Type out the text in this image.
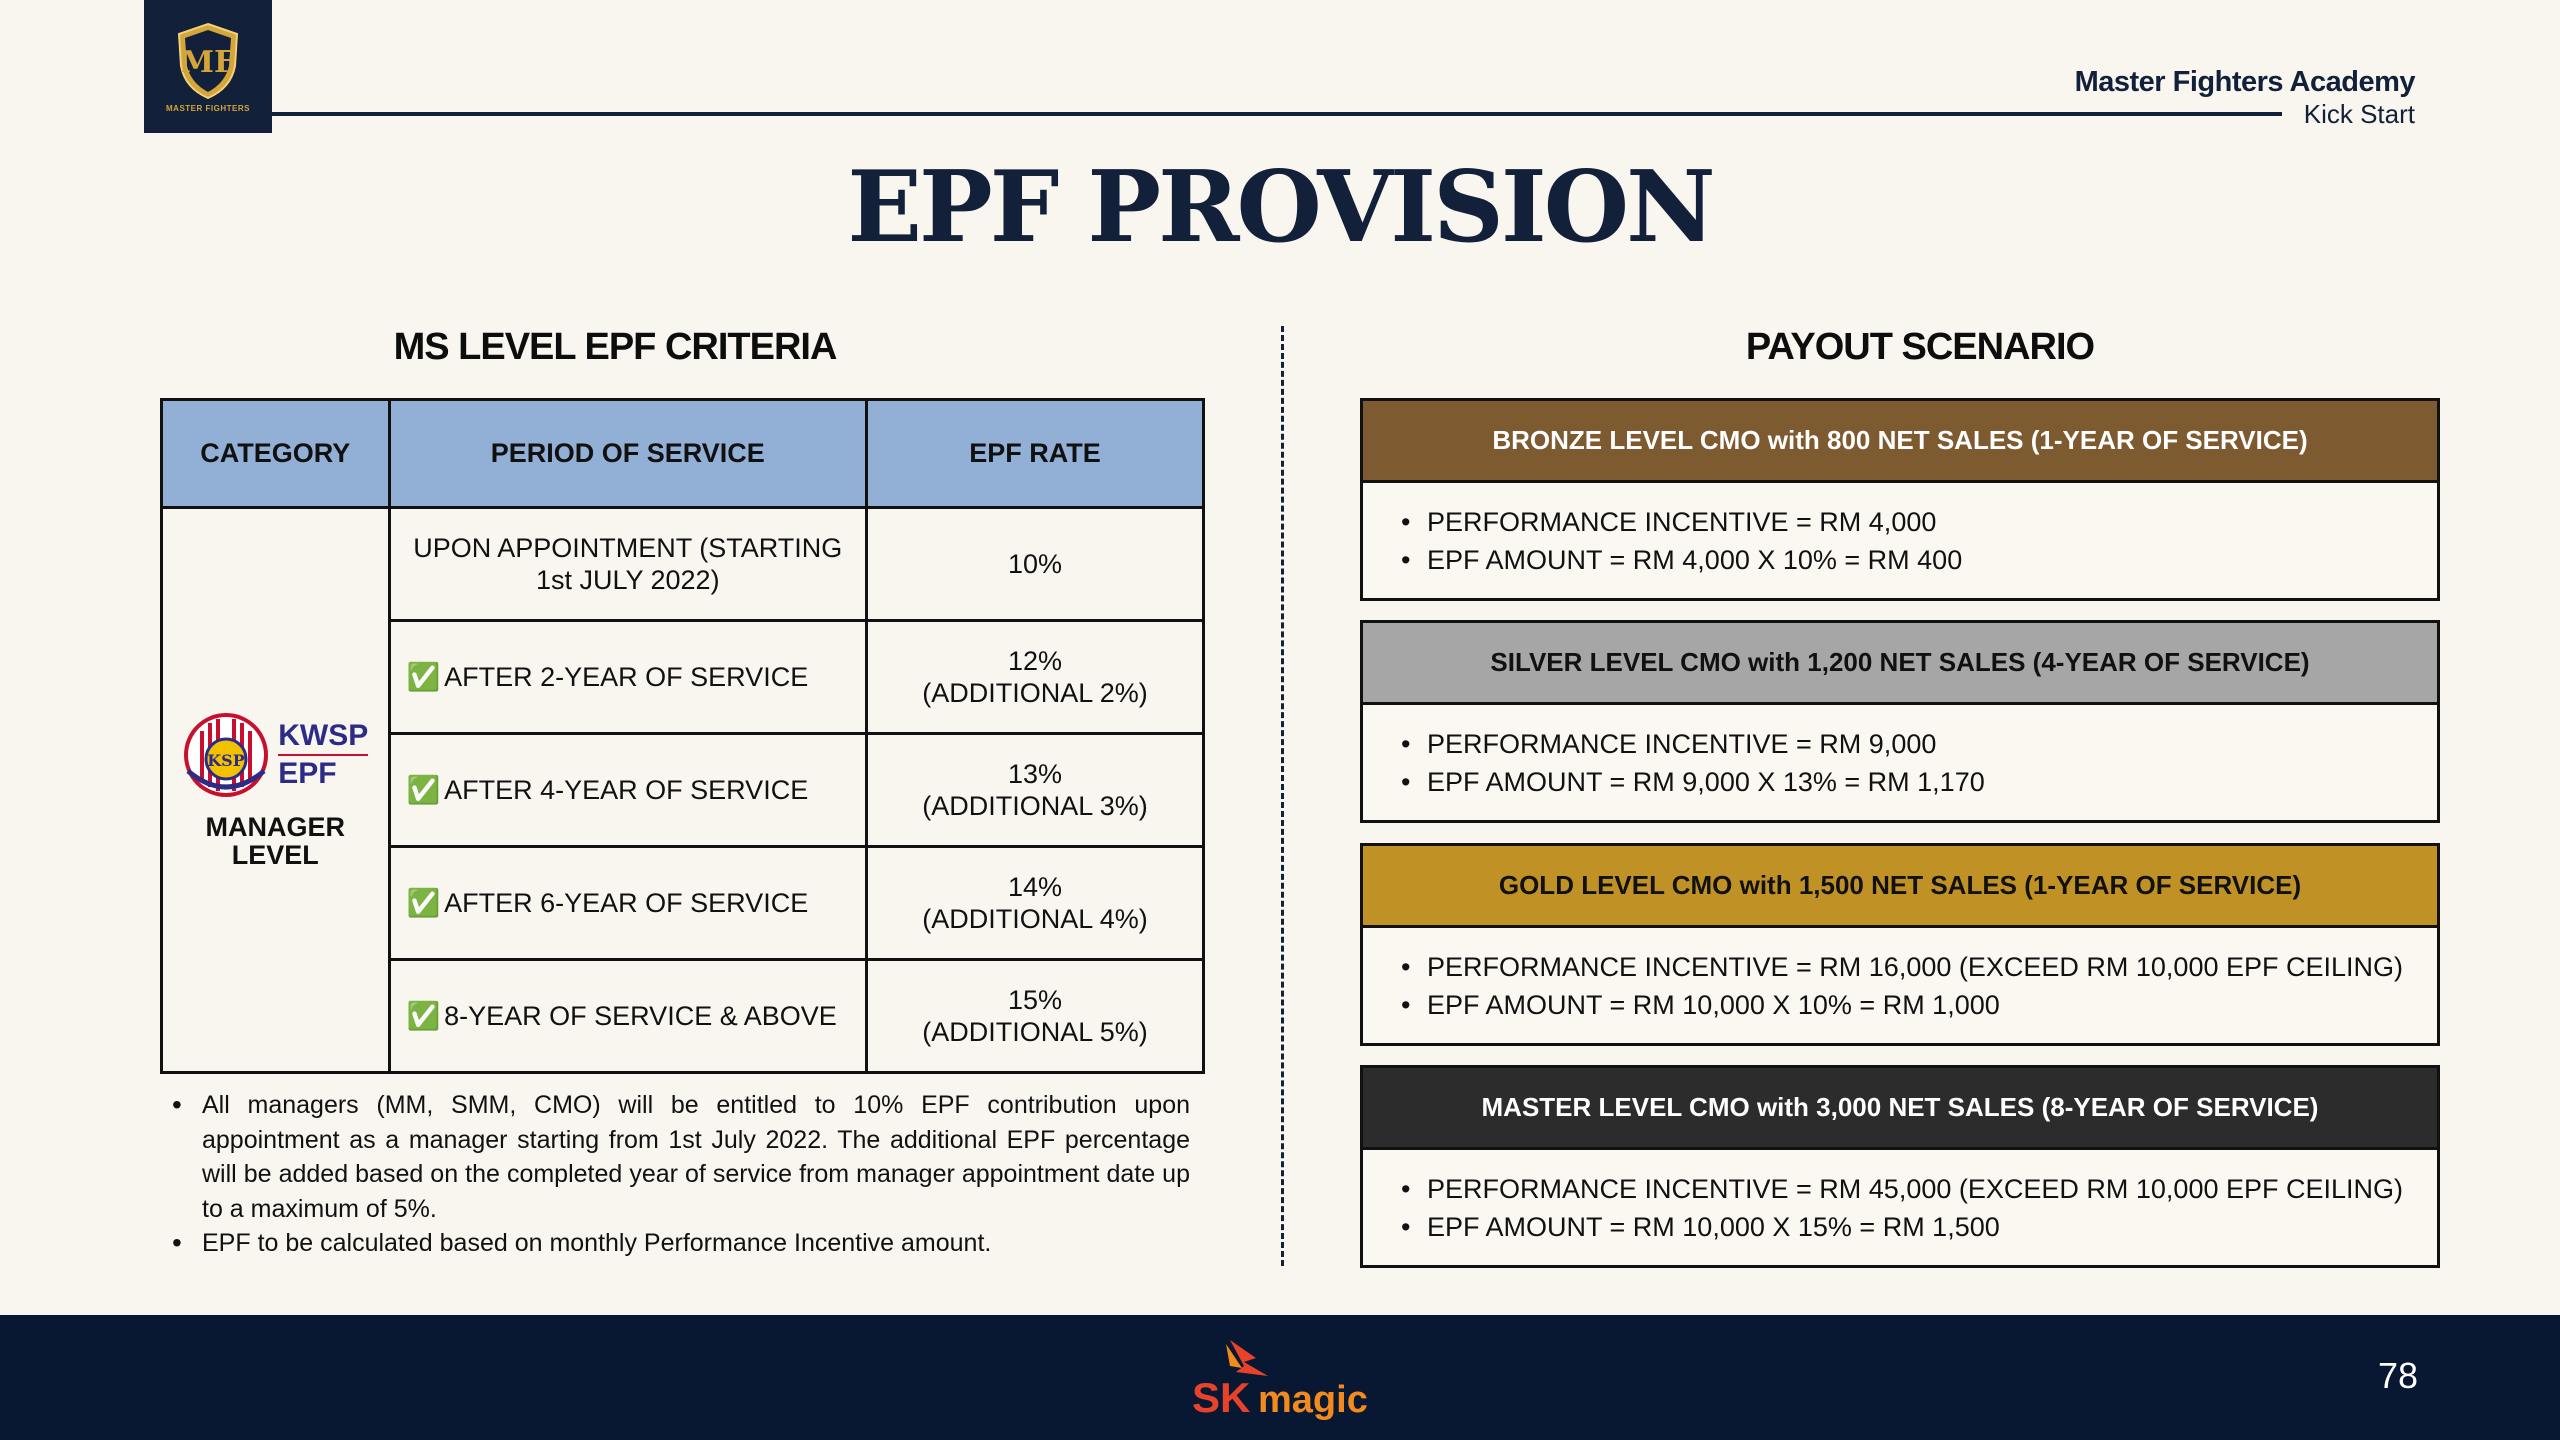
MF
MASTER FIGHTERS
Master Fighters Academy
Kick Start
EPF PROVISION
MS LEVEL EPF CRITERIA	PAYOUT SCENARIO
CATEGORY	PERIOD OF SERVICE	EPF RATE

KSP
KWSP
EPF
MANAGER LEVEL	UPON APPOINTMENT (STARTING 1st JULY 2022)	10%

	✅ AFTER 2-YEAR OF SERVICE	12%
(ADDITIONAL 2%)

	✅ AFTER 4-YEAR OF SERVICE	13%
(ADDITIONAL 3%)

	✅ AFTER 6-YEAR OF SERVICE	14%
(ADDITIONAL 4%)

	✅ 8-YEAR OF SERVICE & ABOVE	15%
(ADDITIONAL 5%)
• All managers (MM, SMM, CMO) will be entitled to 10% EPF contribution upon appointment as a manager starting from 1st July 2022. The additional EPF percentage will be added based on the completed year of service from manager appointment date up to a maximum of 5%.
• EPF to be calculated based on monthly Performance Incentive amount.
BRONZE LEVEL CMO with 800 NET SALES (1-YEAR OF SERVICE)
• PERFORMANCE INCENTIVE = RM 4,000
• EPF AMOUNT = RM 4,000 X 10% = RM 400
SILVER LEVEL CMO with 1,200 NET SALES (4-YEAR OF SERVICE)
• PERFORMANCE INCENTIVE = RM 9,000
• EPF AMOUNT = RM 9,000 X 13% = RM 1,170
GOLD LEVEL CMO with 1,500 NET SALES (1-YEAR OF SERVICE)
• PERFORMANCE INCENTIVE = RM 16,000 (EXCEED RM 10,000 EPF CEILING)
• EPF AMOUNT = RM 10,000 X 10% = RM 1,000
MASTER LEVEL CMO with 3,000 NET SALES (8-YEAR OF SERVICE)
• PERFORMANCE INCENTIVE = RM 45,000 (EXCEED RM 10,000 EPF CEILING)
• EPF AMOUNT = RM 10,000 X 15% = RM 1,500
SK magic
78
